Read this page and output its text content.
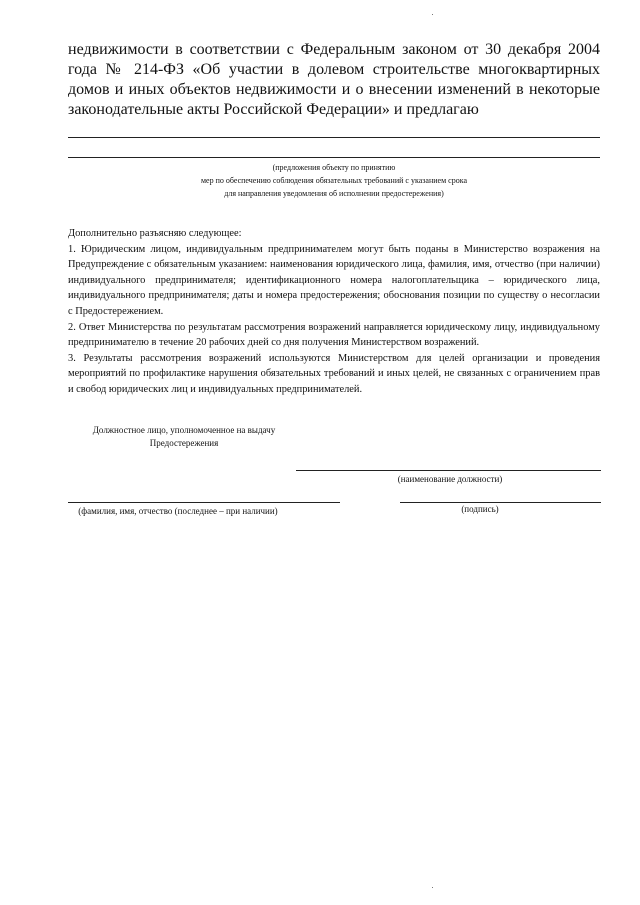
недвижимости в соответствии с Федеральным законом от 30 декабря 2004 года № 214-ФЗ «Об участии в долевом строительстве многоквартирных домов и иных объектов недвижимости и о внесении изменений в некоторые законодательные акты Российской Федерации» и предлагаю

(предложения объекту по принятию
мер по обеспечению соблюдения обязательных требований с указанием срока
для направления уведомления об исполнении предостережения)

Дополнительно разъясняю следующее:

1. Юридическим лицом, индивидуальным предпринимателем могут быть поданы в Министерство возражения на Предупреждение с обязательным указанием: наименования юридического лица, фамилия, имя, отчество (при наличии) индивидуального предпринимателя; идентификационного номера налогоплательщика – юридического лица, индивидуального предпринимателя; даты и номера предостережения; обоснования позиции по существу о несогласии с Предостережением.

2. Ответ Министерства по результатам рассмотрения возражений направляется юридическому лицу, индивидуальному предпринимателю в течение 20 рабочих дней со дня получения Министерством возражений.

3. Результаты рассмотрения возражений используются Министерством для целей организации и проведения мероприятий по профилактике нарушения обязательных требований и иных целей, не связанных с ограничением прав и свобод юридических лиц и индивидуальных предпринимателей.

Должностное лицо, уполномоченное на выдачу
Предостережения
(наименование должности)
(фамилия, имя, отчество (последнее – при наличии)	(подпись)
